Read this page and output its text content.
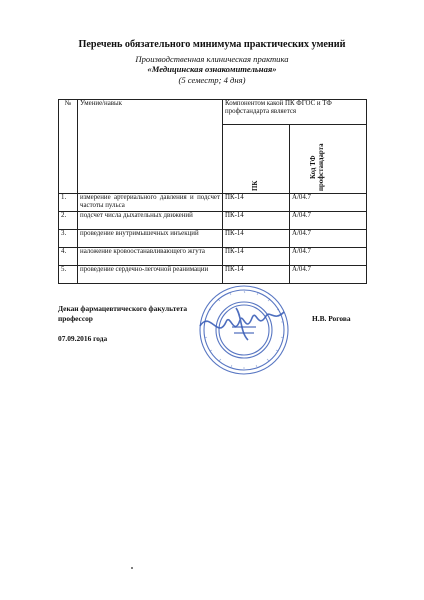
Перечень обязательного минимума практических умений
Производственная клиническая практика
«Медицинская ознакомительная»
(5 семестр; 4 дня)
№	Умение/навык	Компонентом какой ПК ФГОС и ТФ профстандарта является	

		ПК	Код ТФ
профстандарта

1.	измерение артериального давления и подсчет частоты пульса	ПК-14	А/04.7
2.	подсчет числа дыхательных движений	ПК-14	А/04.7
3.	проведение внутримышечных инъекций	ПК-14	А/04.7
4.	наложение кровоостанавливающего жгута	ПК-14	А/04.7
5.	проведение сердечно-легочной реанимации	ПК-14	А/04.7
Декан фармацевтического факультета
профессор	Н.В. Рогова
07.09.2016 года
